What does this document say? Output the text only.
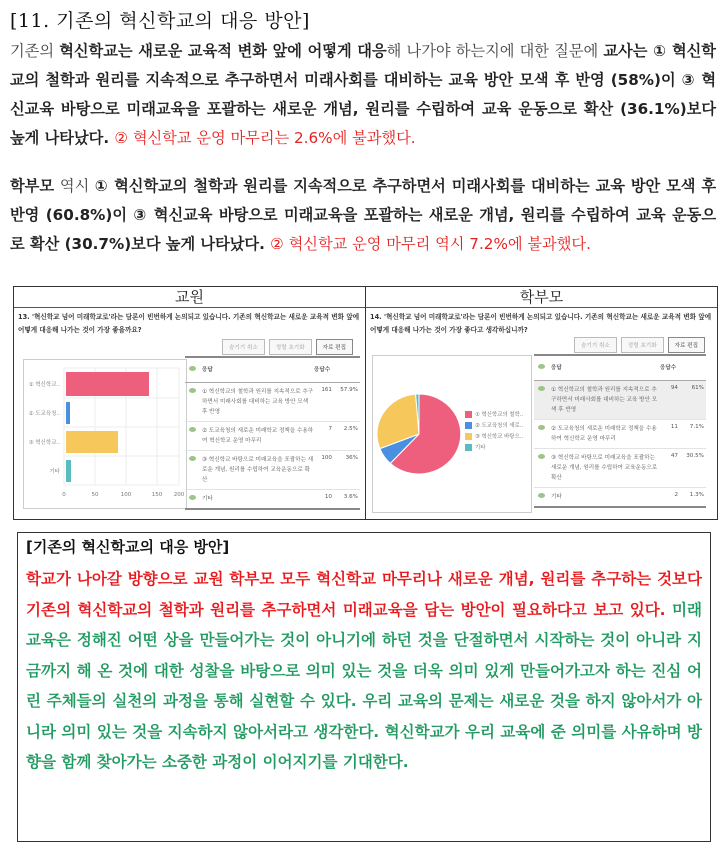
[11. 기존의 혁신학교의 대응 방안]
기존의 혁신학교는 새로운 교육적 변화 앞에 어떻게 대응해 나가야 하는지에 대한 질문에 교사는 ① 혁신학교의 철학과 원리를 지속적으로 추구하면서 미래사회를 대비하는 교육 방안 모색 후 반영 (58%)이 ③ 혁신교육 바탕으로 미래교육을 포괄하는 새로운 개념, 원리를 수립하여 교육 운동으로 확산 (36.1%)보다 높게 나타났다. ② 혁신학교 운영 마무리는 2.6%에 불과했다.
학부모 역시 ① 혁신학교의 철학과 원리를 지속적으로 추구하면서 미래사회를 대비하는 교육 방안 모색 후 반영 (60.8%)이 ③ 혁신교육 바탕으로 미래교육을 포괄하는 새로운 개념, 원리를 수립하여 교육 운동으로 확산 (30.7%)보다 높게 나타났다. ② 혁신학교 운영 마무리 역시 7.2%에 불과했다.
교원
13. '혁신학교 넘어 미래학교로'라는 담론이 빈번하게 논의되고 있습니다. 기존의 혁신학교는 새로운 교육적 변화 앞에 어떻게 대응해 나가는 것이 가장 좋을까요?
숨기기 취소	정렬 초기화	자료 편집
① 혁신학교..
② 도교육청..
③ 혁신학교..
기타
0	50	100	150 200
응답	응답수
① 혁신학교의 철학과 원리를 지속적으로 추구하면서 미래사회를 대비하는 교육 방안 모색 후 반영
161	57.9%
② 도교육청의 새로운 미래학교 정책을 수용하여 혁신학교 운영 마무리
7	2.5%
③ 혁신학교 바탕으로 미래교육을 포괄하는 새로운 개념, 원리를 수립하여 교육운동으로 확산
100	36%
기타	10	3.6%
학부모
14. '혁신학교 넘어 미래학교로'라는 담론이 빈번하게 논의되고 있습니다. 기존의 혁신학교는 새로운 교육적 변화 앞에 어떻게 대응해 나가는 것이 가장 좋다고 생각하십니까?
숨기기 취소	정렬 초기화	자료 편집
① 혁신학교의 철학..
② 도교육청의 새로..
③ 혁신학교 바탕으..
기타
응답	응답수
① 혁신학교의 철학과 원리를 지속적으로 추구하면서 미래사회를 대비하는 교육 방안 모색 후 반영
94	61%
② 도교육청의 새로운 미래학교 정책을 수용하여 혁신학교 운영 마무리
11	7.1%
③ 혁신학교 바탕으로 미래교육을 포괄하는 새로운 개념, 원리를 수립하여 교육운동으로 확산
47	30.5%
기타	2	1.3%
[기존의 혁신학교의 대응 방안]
학교가 나아갈 방향으로 교원 학부모 모두 혁신학교 마무리나 새로운 개념, 원리를 추구하는 것보다 기존의 혁신학교의 철학과 원리를 추구하면서 미래교육을 담는 방안이 필요하다고 보고 있다. 미래교육은 정해진 어떤 상을 만들어가는 것이 아니기에 하던 것을 단절하면서 시작하는 것이 아니라 지금까지 해 온 것에 대한 성찰을 바탕으로 의미 있는 것을 더욱 의미 있게 만들어가고자 하는 진심 어린 주체들의 실천의 과정을 통해 실현할 수 있다. 우리 교육의 문제는 새로운 것을 하지 않아서가 아니라 의미 있는 것을 지속하지 않아서라고 생각한다. 혁신학교가 우리 교육에 준 의미를 사유하며 방향을 함께 찾아가는 소중한 과정이 이어지기를 기대한다.
